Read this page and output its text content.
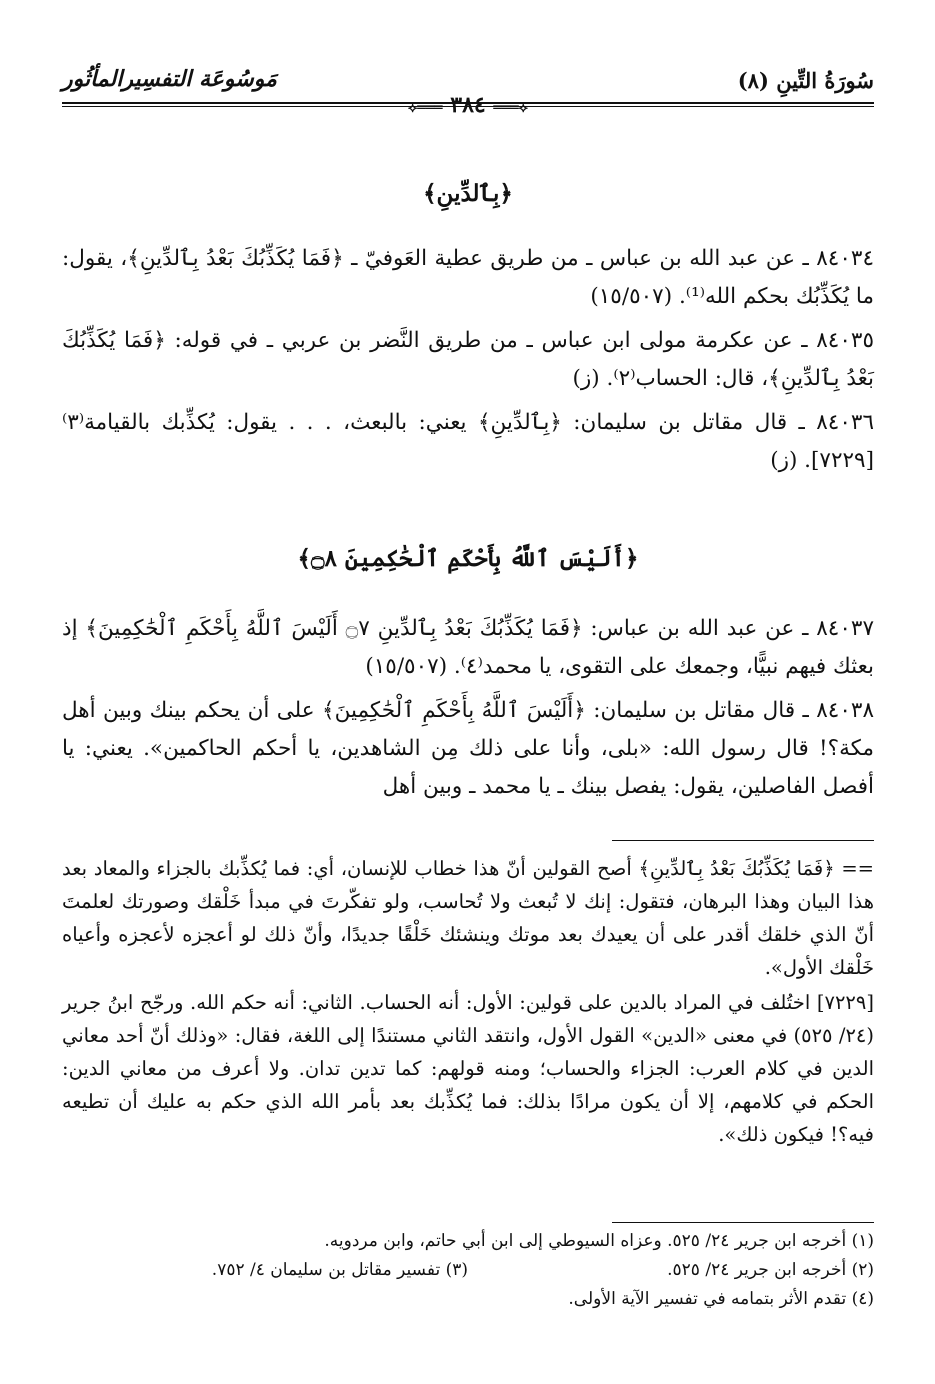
سُورَةُ التِّينِ (٨)
مَوسُوعَة التفسِيرالمأثُور
⟡═══ ٣٨٤ ═══⟡

﴿بِٱلدِّينِ﴾

٨٤٠٣٤ ـ عن عبد الله بن عباس ـ من طريق عطية العَوفيّ ـ ﴿فَمَا يُكَذِّبُكَ بَعْدُ بِٱلدِّينِ﴾، يقول: ما يُكَذِّبُك بحكم الله⁽¹⁾. (١٥/٥٠٧)

٨٤٠٣٥ ـ عن عكرمة مولى ابن عباس ـ من طريق النَّضر بن عربي ـ في قوله: ﴿فَمَا يُكَذِّبُكَ بَعْدُ بِٱلدِّينِ﴾، قال: الحساب⁽٢⁾. (ز)

٨٤٠٣٦ ـ قال مقاتل بن سليمان: ﴿بِٱلدِّينِ﴾ يعني: بالبعث، . . . يقول: يُكذِّبك بالقيامة⁽٣⁾[٧٢٢٩]. (ز)

﴿أَلَيْسَ ٱللَّهُ بِأَحْكَمِ ٱلْحَٰكِمِينَ ۝٨﴾

٨٤٠٣٧ ـ عن عبد الله بن عباس: ﴿فَمَا يُكَذِّبُكَ بَعْدُ بِٱلدِّينِ ۝٧ أَلَيْسَ ٱللَّهُ بِأَحْكَمِ ٱلْحَٰكِمِينَ﴾ إذ بعثك فيهم نبيًّا، وجمعك على التقوى، يا محمد⁽٤⁾. (١٥/٥٠٧)

٨٤٠٣٨ ـ قال مقاتل بن سليمان: ﴿أَلَيْسَ ٱللَّهُ بِأَحْكَمِ ٱلْحَٰكِمِينَ﴾ على أن يحكم بينك وبين أهل مكة؟! قال رسول الله: «بلى، وأنا على ذلك مِن الشاهدين، يا أحكم الحاكمين». يعني: يا أفصل الفاصلين، يقول: يفصل بينك ـ يا محمد ـ وبين أهل

== ﴿فَمَا يُكَذِّبُكَ بَعْدُ بِٱلدِّينِ﴾ أصح القولين أنّ هذا خطاب للإنسان، أي: فما يُكذِّبك بالجزاء والمعاد بعد هذا البيان وهذا البرهان، فتقول: إنك لا تُبعث ولا تُحاسب، ولو تفكّرتَ في مبدأ خَلْقك وصورتك لعلمتَ أنّ الذي خلقك أقدر على أن يعيدك بعد موتك وينشئك خَلْقًا جديدًا، وأنّ ذلك لو أعجزه لأعجزه وأعياه خَلْقك الأول».

[٧٢٢٩] اختُلف في المراد بالدين على قولين: الأول: أنه الحساب. الثاني: أنه حكم الله. ورجّح ابنُ جرير (٢٤/ ٥٢٥) في معنى «الدين» القول الأول، وانتقد الثاني مستندًا إلى اللغة، فقال: «وذلك أنّ أحد معاني الدين في كلام العرب: الجزاء والحساب؛ ومنه قولهم: كما تدين تدان. ولا أعرف من معاني الدين: الحكم في كلامهم، إلا أن يكون مرادًا بذلك: فما يُكذِّبك بعد بأمر الله الذي حكم به عليك أن تطيعه فيه؟! فيكون ذلك».

(١) أخرجه ابن جرير ٢٤/ ٥٢٥. وعزاه السيوطي إلى ابن أبي حاتم، وابن مردويه.
(٢) أخرجه ابن جرير ٢٤/ ٥٢٥.
(٣) تفسير مقاتل بن سليمان ٤/ ٧٥٢.
(٤) تقدم الأثر بتمامه في تفسير الآية الأولى.
